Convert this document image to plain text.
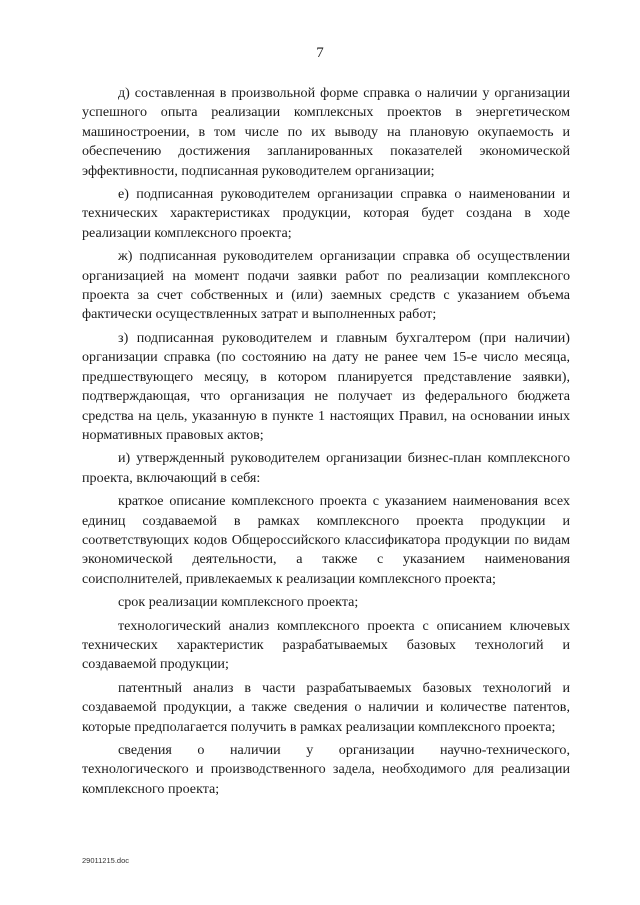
7

д) составленная в произвольной форме справка о наличии у организации успешного опыта реализации комплексных проектов в энергетическом машиностроении, в том числе по их выводу на плановую окупаемость и обеспечению достижения запланированных показателей экономической эффективности, подписанная руководителем организации;

е) подписанная руководителем организации справка о наименовании и технических характеристиках продукции, которая будет создана в ходе реализации комплексного проекта;

ж) подписанная руководителем организации справка об осуществлении организацией на момент подачи заявки работ по реализации комплексного проекта за счет собственных и (или) заемных средств с указанием объема фактически осуществленных затрат и выполненных работ;

з) подписанная руководителем и главным бухгалтером (при наличии) организации справка (по состоянию на дату не ранее чем 15-е число месяца, предшествующего месяцу, в котором планируется представление заявки), подтверждающая, что организация не получает из федерального бюджета средства на цель, указанную в пункте 1 настоящих Правил, на основании иных нормативных правовых актов;

и) утвержденный руководителем организации бизнес-план комплексного проекта, включающий в себя:

краткое описание комплексного проекта с указанием наименования всех единиц создаваемой в рамках комплексного проекта продукции и соответствующих кодов Общероссийского классификатора продукции по видам экономической деятельности, а также с указанием наименования соисполнителей, привлекаемых к реализации комплексного проекта;

срок реализации комплексного проекта;

технологический анализ комплексного проекта с описанием ключевых технических характеристик разрабатываемых базовых технологий и создаваемой продукции;

патентный анализ в части разрабатываемых базовых технологий и создаваемой продукции, а также сведения о наличии и количестве патентов, которые предполагается получить в рамках реализации комплексного проекта;

сведения о наличии у организации научно-технического, технологического и производственного задела, необходимого для реализации комплексного проекта;

29011215.doc
